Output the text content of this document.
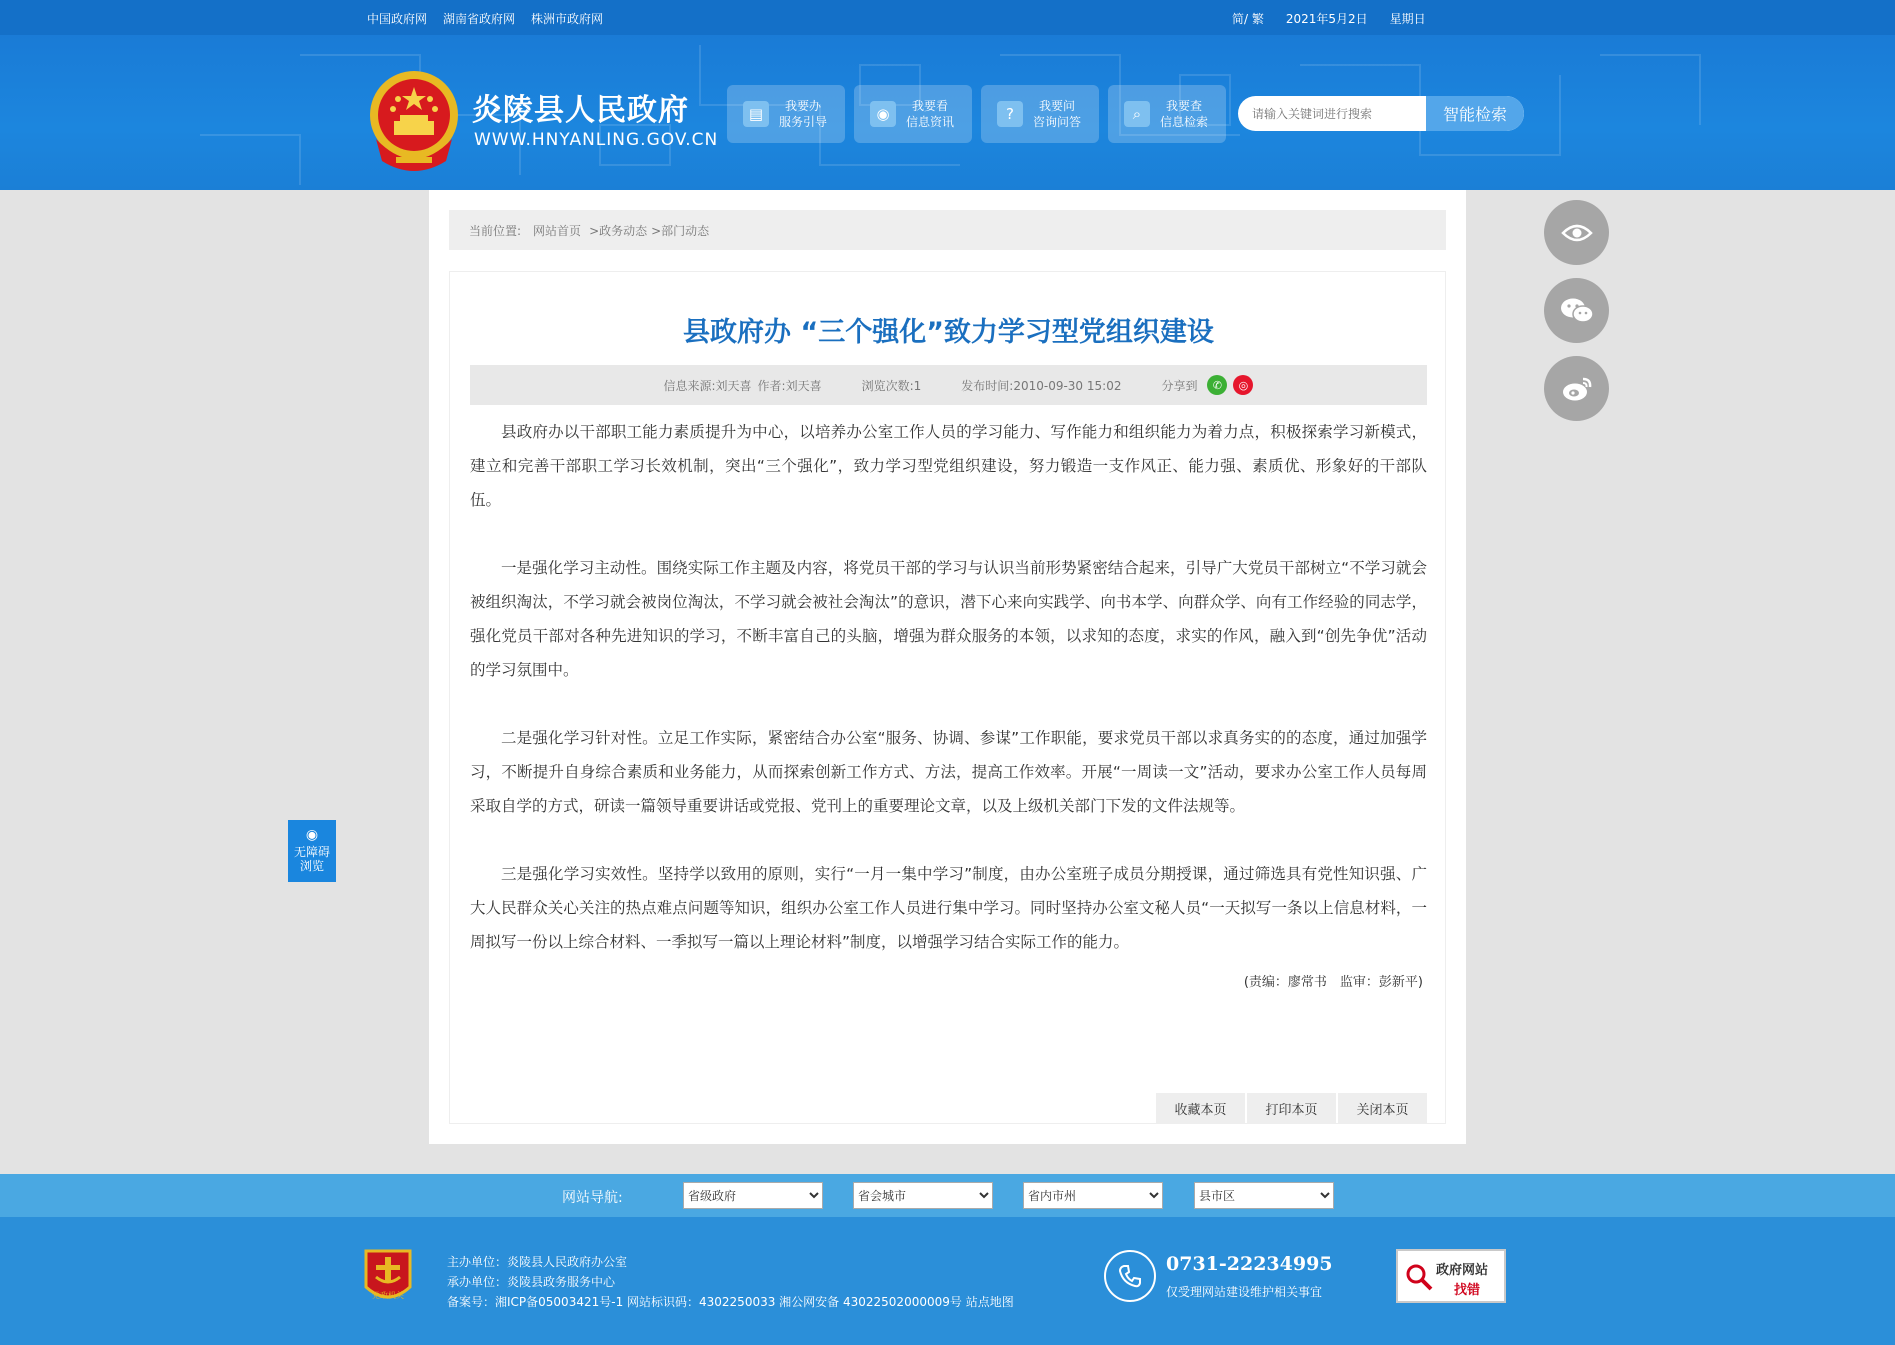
中国政府网 湖南省政府网 株洲市政府网	简/ 繁 2021年5月2日 星期日
炎陵县人民政府
WWW.HNYANLING.GOV.CN
▤	我要办
服务引导	◉	我要看
信息资讯	?	我要问
咨询问答	⌕	我要查
信息检索
请输入关键词进行搜索	智能检索
当前位置: 网站首页 >政务动态 >部门动态
县政府办 “三个强化”致力学习型党组织建设
信息来源:刘天喜 作者:刘天喜	浏览次数:1	发布时间:2010-09-30 15:02	分享到	✆	◎

县政府办以干部职工能力素质提升为中心，以培养办公室工作人员的学习能力、写作能力和组织能力为着力点，积极探索学习新模式，建立和完善干部职工学习长效机制，突出“三个强化”，致力学习型党组织建设，努力锻造一支作风正、能力强、素质优、形象好的干部队伍。

一是强化学习主动性。围绕实际工作主题及内容，将党员干部的学习与认识当前形势紧密结合起来，引导广大党员干部树立“不学习就会被组织淘汰，不学习就会被岗位淘汰，不学习就会被社会淘汰”的意识，潜下心来向实践学、向书本学、向群众学、向有工作经验的同志学，强化党员干部对各种先进知识的学习，不断丰富自己的头脑，增强为群众服务的本领，以求知的态度，求实的作风，融入到“创先争优”活动的学习氛围中。

二是强化学习针对性。立足工作实际，紧密结合办公室“服务、协调、参谋”工作职能，要求党员干部以求真务实的的态度，通过加强学习，不断提升自身综合素质和业务能力，从而探索创新工作方式、方法，提高工作效率。开展“一周读一文”活动，要求办公室工作人员每周采取自学的方式，研读一篇领导重要讲话或党报、党刊上的重要理论文章，以及上级机关部门下发的文件法规等。

三是强化学习实效性。坚持学以致用的原则，实行“一月一集中学习”制度，由办公室班子成员分期授课，通过筛选具有党性知识强、广大人民群众关心关注的热点难点问题等知识，组织办公室工作人员进行集中学习。同时坚持办公室文秘人员“一天拟写一条以上信息材料，一周拟写一份以上综合材料、一季拟写一篇以上理论材料”制度，以增强学习结合实际工作的能力。

(责编：廖常书　监审：彭新平)
收藏本页	打印本页	关闭本页
◉
无障碍
浏览
网站导航:
省级政府
省会城市
省内市州
县市区
党政机关
主办单位：炎陵县人民政府办公室
承办单位：炎陵县政务服务中心
备案号：湘ICP备05003421号-1 网站标识码：4302250033 湘公网安备 43022502000009号 站点地图
0731-22234995
仅受理网站建设维护相关事宜
政府网站
找错
